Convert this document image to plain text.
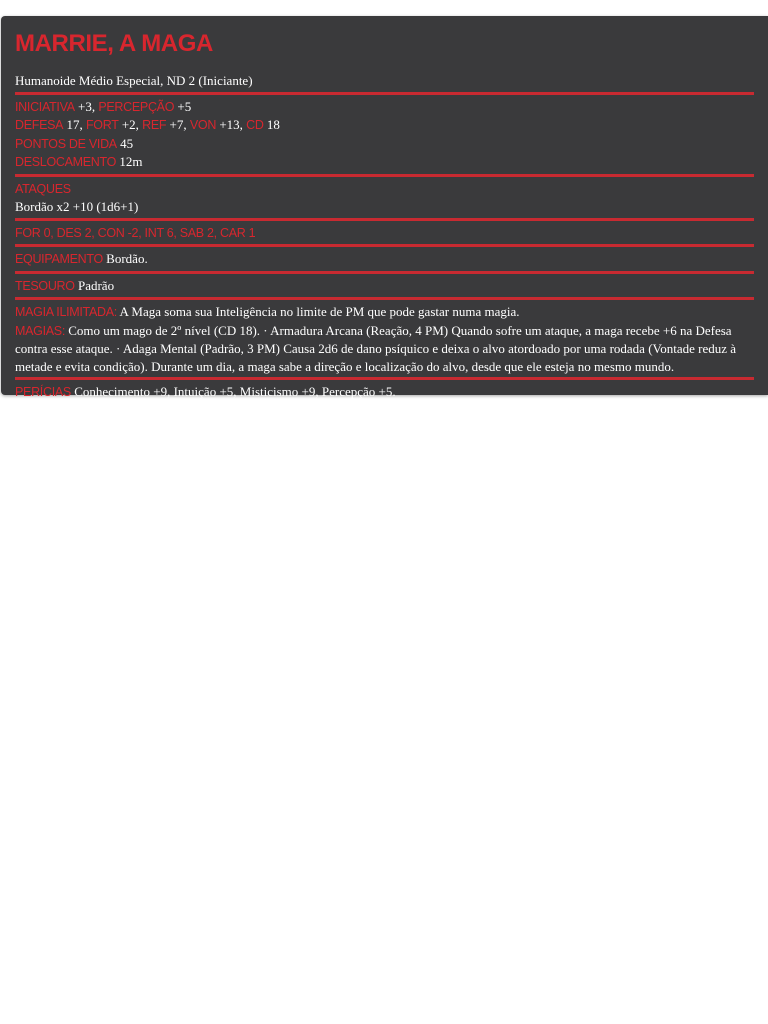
MARRIE, A MAGA
Humanoide Médio Especial, ND 2 (Iniciante)
INICIATIVA +3, PERCEPÇÃO +5
DEFESA 17, FORT +2, REF +7, VON +13, CD 18
PONTOS DE VIDA 45
DESLOCAMENTO 12m
ATAQUES
Bordão x2 +10 (1d6+1)
FOR 0, DES 2, CON -2, INT 6, SAB 2, CAR 1
EQUIPAMENTO Bordão.
TESOURO Padrão
MAGIA ILIMITADA: A Maga soma sua Inteligência no limite de PM que pode gastar numa magia.
MAGIAS: Como um mago de 2º nível (CD 18). · Armadura Arcana (Reação, 4 PM) Quando sofre um ataque, a maga recebe +6 na Defesa contra esse ataque. · Adaga Mental (Padrão, 3 PM) Causa 2d6 de dano psíquico e deixa o alvo atordoado por uma rodada (Vontade reduz à metade e evita condição). Durante um dia, a maga sabe a direção e localização do alvo, desde que ele esteja no mesmo mundo.
PERÍCIAS Conhecimento +9, Intuição +5, Misticismo +9, Percepção +5.
